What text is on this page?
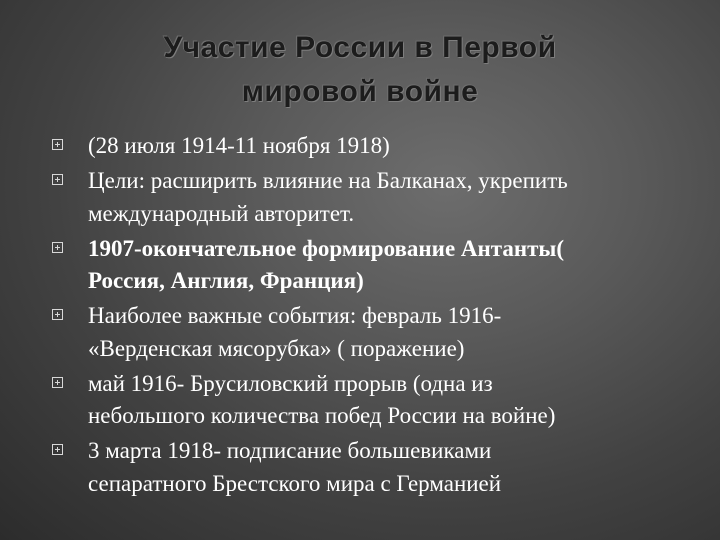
Участие России в Первой
мировой войне
(28 июля 1914-11 ноября 1918)
Цели: расширить влияние на Балканах, укрепить
международный авторитет.
1907-окончательное формирование Антанты(
Россия, Англия, Франция)
Наиболее важные события: февраль 1916-
«Верденская мясорубка» ( поражение)
май 1916- Брусиловский прорыв (одна из
небольшого количества побед России на войне)
3 марта 1918- подписание большевиками
сепаратного Брестского мира с Германией
